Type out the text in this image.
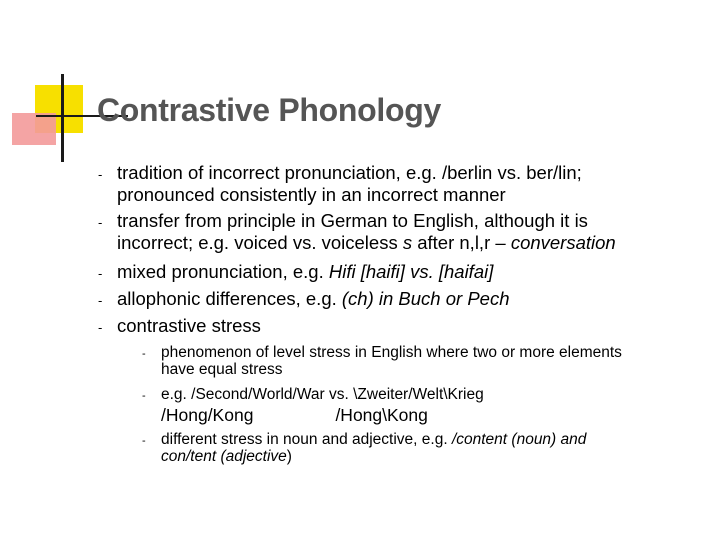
Contrastive Phonology
- tradition of incorrect pronunciation, e.g. /berlin vs. ber/lin;
pronounced consistently in an incorrect manner
- transfer from principle in German to English, although it is
incorrect; e.g. voiced vs. voiceless s after n,l,r – conversation
- mixed pronunciation, e.g. Hifi [haifi] vs. [haifai]
- allophonic differences, e.g. (ch) in Buch or Pech
- contrastive stress
- phenomenon of level stress in English where two or more elements
have equal stress
- e.g. /Second/World/War vs. \Zweiter/Welt\Krieg
/Hong/Kong	/Hong\Kong
- different stress in noun and adjective, e.g. /content (noun) and
con/tent (adjective)
